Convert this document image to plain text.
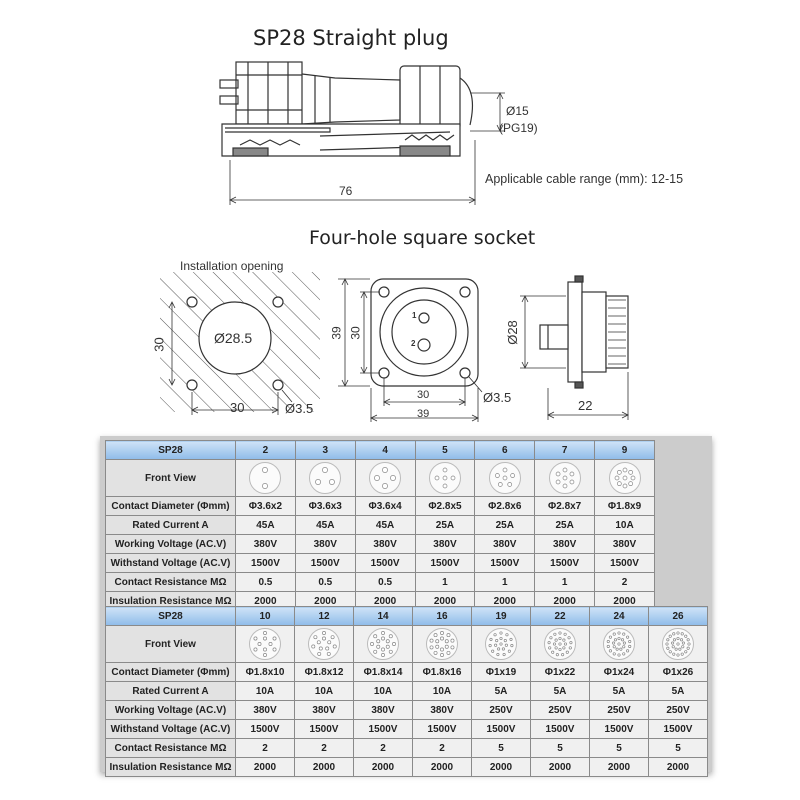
SP28 Straight plug
Four-hole square socket
Ø15
(PG19)
76
Applicable cable range (mm): 12-15
Installation opening
30
30
Ø28.5
Ø3.5
39 30
30
39
Ø3.5
1
2	Ø28
22
SP28	2	3	4	5	6	7	9
Front View							
Contact Diameter (Φmm)	Φ3.6x2	Φ3.6x3	Φ3.6x4	Φ2.8x5	Φ2.8x6	Φ2.8x7	Φ1.8x9
Rated Current A	45A	45A	45A	25A	25A	25A	10A
Working Voltage (AC.V)	380V	380V	380V	380V	380V	380V	380V
Withstand Voltage (AC.V)	1500V	1500V	1500V	1500V	1500V	1500V	1500V
Contact Resistance MΩ	0.5	0.5	0.5	1	1	1	2
Insulation Resistance MΩ	2000	2000	2000	2000	2000	2000	2000
SP28	10	12	14	16	19	22	24	26
Front View								
Contact Diameter (Φmm)	Φ1.8x10	Φ1.8x12	Φ1.8x14	Φ1.8x16	Φ1x19	Φ1x22	Φ1x24	Φ1x26
Rated Current A	10A	10A	10A	10A	5A	5A	5A	5A
Working Voltage (AC.V)	380V	380V	380V	380V	250V	250V	250V	250V
Withstand Voltage (AC.V)	1500V	1500V	1500V	1500V	1500V	1500V	1500V	1500V
Contact Resistance MΩ	2	2	2	2	5	5	5	5
Insulation Resistance MΩ	2000	2000	2000	2000	2000	2000	2000	2000
